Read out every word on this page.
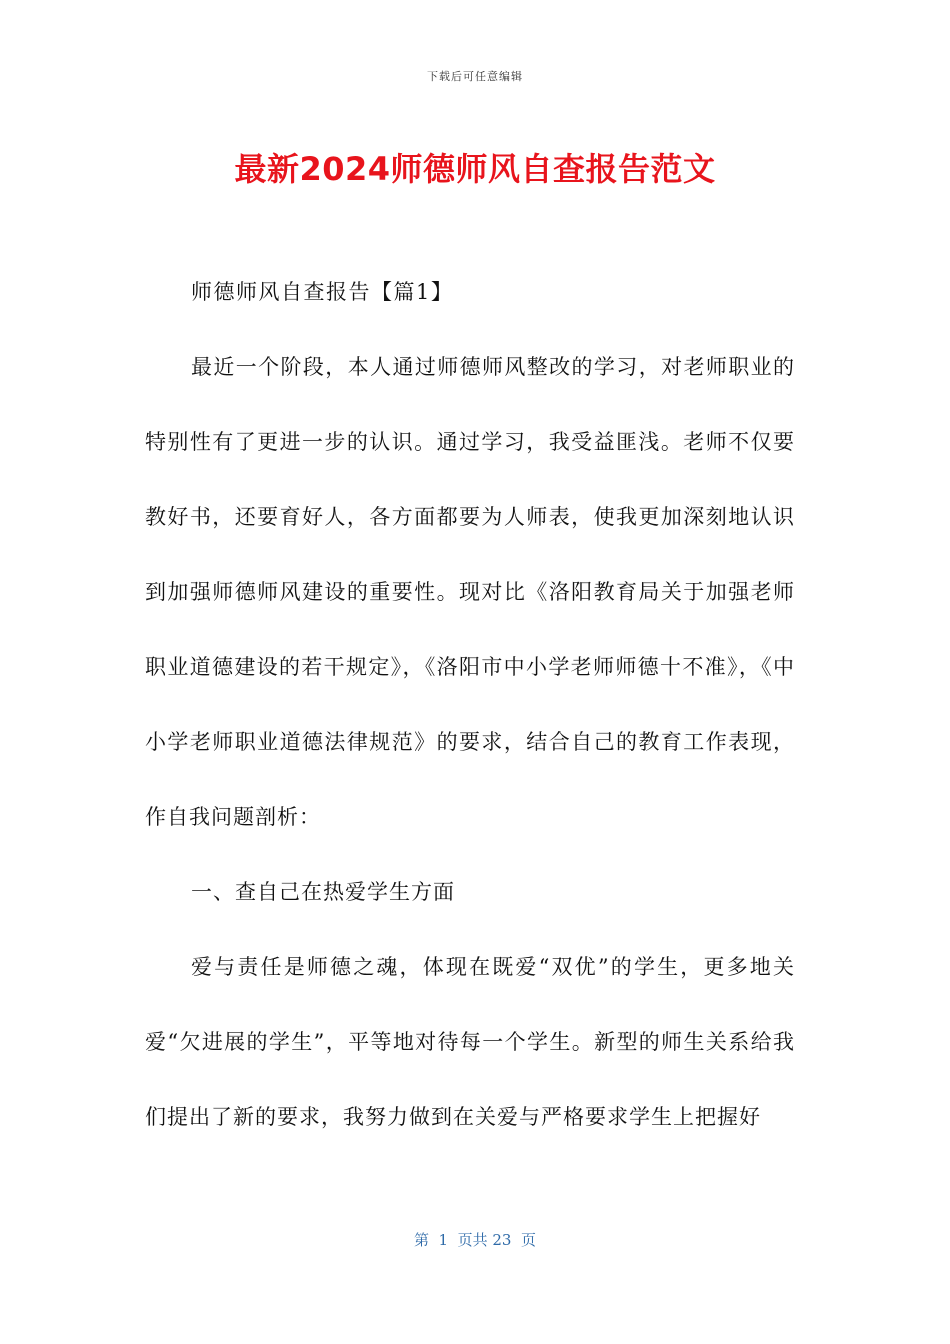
下载后可任意编辑
最新2024师德师风自查报告范文

师德师风自查报告【篇1】

最近一个阶段，本人通过师德师风整改的学习，对老师职业的特别性有了更进一步的认识。通过学习，我受益匪浅。老师不仅要教好书，还要育好人，各方面都要为人师表，使我更加深刻地认识到加强师德师风建设的重要性。现对比《洛阳教育局关于加强老师职业道德建设的若干规定》，《洛阳市中小学老师师德十不准》，《中小学老师职业道德法律规范》的要求，结合自己的教育工作表现，作自我问题剖析：

一、查自己在热爱学生方面

爱与责任是师德之魂，体现在既爱“双优”的学生，更多地关爱“欠进展的学生”，平等地对待每一个学生。新型的师生关系给我们提出了新的要求，我努力做到在关爱与严格要求学生上把握好

第  1  页共 23  页
